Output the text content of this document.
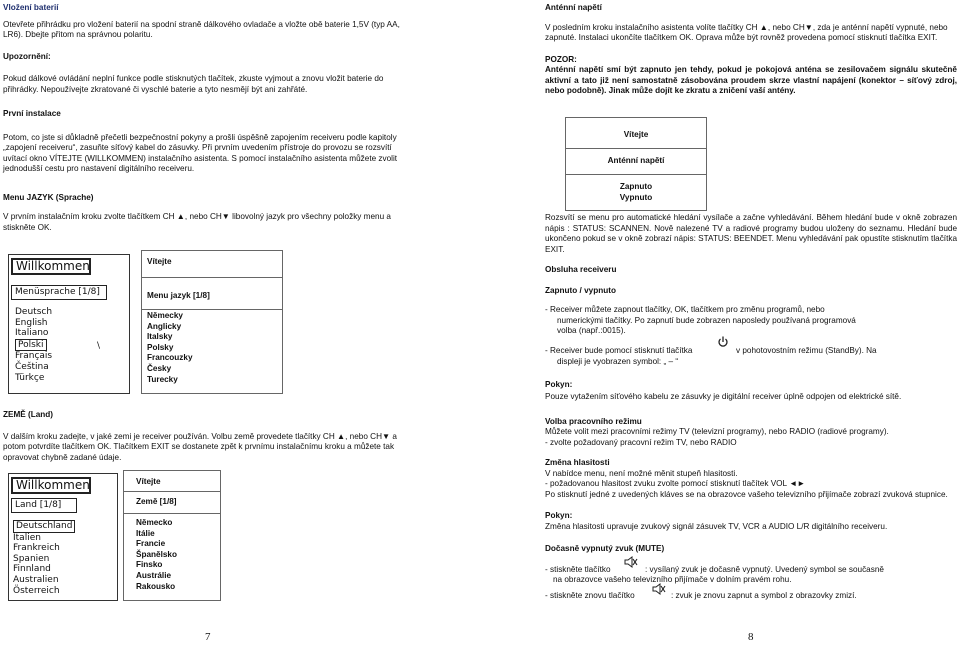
Vložení baterií

Otevřete přihrádku pro vložení baterií na spodní straně dálkového ovladače a vložte obě baterie 1,5V (typ AA, LR6). Dbejte přitom na správnou polaritu.

Upozornění:

Pokud dálkové ovládání neplní funkce podle stisknutých tlačítek, zkuste vyjmout a znovu vložit baterie do přihrádky. Nepoužívejte zkratované či vyschlé baterie a tyto nesmějí být ani zahřáté.

První instalace

Potom, co jste si důkladně přečetli bezpečnostní pokyny a prošli úspěšně zapojením receiveru podle kapitoly „zapojení receiveru“, zasuňte síťový kabel do zásuvky. Při prvním uvedením přístroje do provozu se rozsvítí uvítací okno VÍTEJTE (WILLKOMMEN) instalačního asistenta. S pomocí instalačního asistenta můžete zvolit jednodušší cestu pro nastavení digitálního receiveru.

Menu JAZYK (Sprache)

V prvním instalačním kroku zvolte tlačítkem CH ▲, nebo CH▼ libovolný jazyk pro všechny položky menu a stiskněte OK.

Willkommen
Menüsprache [1/8]
Deutsch
English
Italiano
Polski
Français
Čeština
Türkçe
\
Vítejte
Menu jazyk [1/8]
Německy
Anglicky
Italsky
Polsky
Francouzky
Česky
Turecky

ZEMĚ (Land)

V dalším kroku zadejte, v jaké zemi je receiver používán. Volbu země provedete tlačítky CH ▲, nebo CH▼ a potom potvrdíte tlačítkem OK. Tlačítkem EXIT se dostanete zpět k prvnímu instalačnímu kroku a můžete tak opravovat chybně zadané údaje.

Willkommen
Land [1/8]
Deutschland
Italien
Frankreich
Spanien
Finnland
Australien
Österreich
Vítejte
Země [1/8]
Německo
Itálie
Francie
Španělsko
Finsko
Austrálie
Rakousko
7

Anténní napětí

V posledním kroku instalačního asistenta volíte tlačítky CH ▲, nebo CH▼, zda je anténní napětí vypnuté, nebo zapnuté. Instalaci ukončíte tlačítkem OK. Oprava může být rovněž provedena pomocí stisknutí tlačítka EXIT.

POZOR:

Anténní napětí smí být zapnuto jen tehdy, pokud je pokojová anténa se zesilovačem signálu skutečně aktivní a tato již není samostatně zásobována proudem skrze vlastní napájení (konektor – síťový zdroj, nebo podobně). Jinak může dojít ke zkratu a zničení vaší antény.

Vítejte
Anténní napětí
Zapnuto
Vypnuto

Rozsvítí se menu pro automatické hledání vysílače a začne vyhledávání. Během hledání bude v okně zobrazen nápis : STATUS: SCANNEN. Nově nalezené TV a radiové programy budou uloženy do seznamu. Hledání bude ukončeno pokud se v okně zobrazí nápis: STATUS: BEENDET. Menu vyhledávání pak opustíte stisknutím tlačítka EXIT.

Obsluha receiveru

Zapnuto / vypnuto

- Receiver můžete zapnout tlačítky, OK, tlačítkem pro změnu programů, nebo

numerickými tlačítky. Po zapnutí bude zobrazen naposledy používaná programová

volba (např.:0015).

- Receiver bude pomocí stisknutí tlačítka	v pohotovostním režimu (StandBy). Na
displeji je vyobrazen symbol: „ – “

Pokyn:

Pouze vytažením síťového kabelu ze zásuvky je digitální receiver úplně odpojen od elektrické sítě.

Volba pracovního režimu

Můžete volit mezi pracovními režimy TV (televizní programy), nebo RADIO (radiové programy).

- zvolte požadovaný pracovní režim TV, nebo RADIO

Změna hlasitosti

V nabídce menu, není možné měnit stupeň hlasitosti.

- požadovanou hlasitost zvuku zvolte pomocí stisknutí tlačítek VOL ◄►

Po stisknutí jedné z uvedených kláves se na obrazovce vašeho televizního přijímače zobrazí zvuková stupnice.

Pokyn:

Změna hlasitosti upravuje zvukový signál zásuvek TV, VCR a AUDIO L/R digitálního receiveru.

Dočasně vypnutý zvuk (MUTE)

- stiskněte tlačítko	: vysílaný zvuk je dočasně vypnutý. Uvedený symbol se současně
na obrazovce vašeho televizního přijímače v dolním pravém rohu.
- stiskněte znovu tlačítko	: zvuk je znovu zapnut a symbol z obrazovky zmizí.
8
